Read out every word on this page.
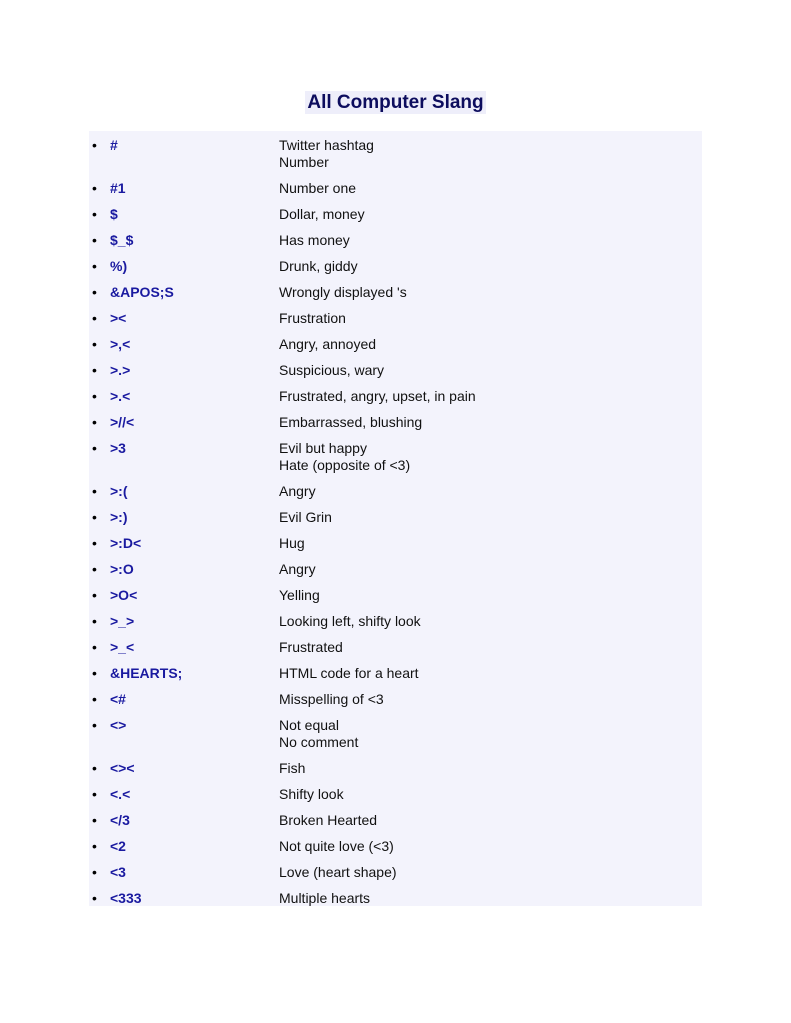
All Computer Slang
• #	Twitter hashtag
Number
• #1	Number one
• $	Dollar, money
• $_$	Has money
• %)	Drunk, giddy
• &APOS;S	Wrongly displayed 's
• ><	Frustration
• >,<	Angry, annoyed
• >.>	Suspicious, wary
• >.<	Frustrated, angry, upset, in pain
• >//<	Embarrassed, blushing
• >3	Evil but happy
Hate (opposite of <3)
• >:(	Angry
• >:)	Evil Grin
• >:D<	Hug
• >:O	Angry
• >O<	Yelling
• >_>	Looking left, shifty look
• >_<	Frustrated
• &HEARTS;	HTML code for a heart
• <#	Misspelling of <3
• <>	Not equal
No comment
• <><	Fish
• <.<	Shifty look
• </3	Broken Hearted
• <2	Not quite love (<3)
• <3	Love (heart shape)
• <333	Multiple hearts
